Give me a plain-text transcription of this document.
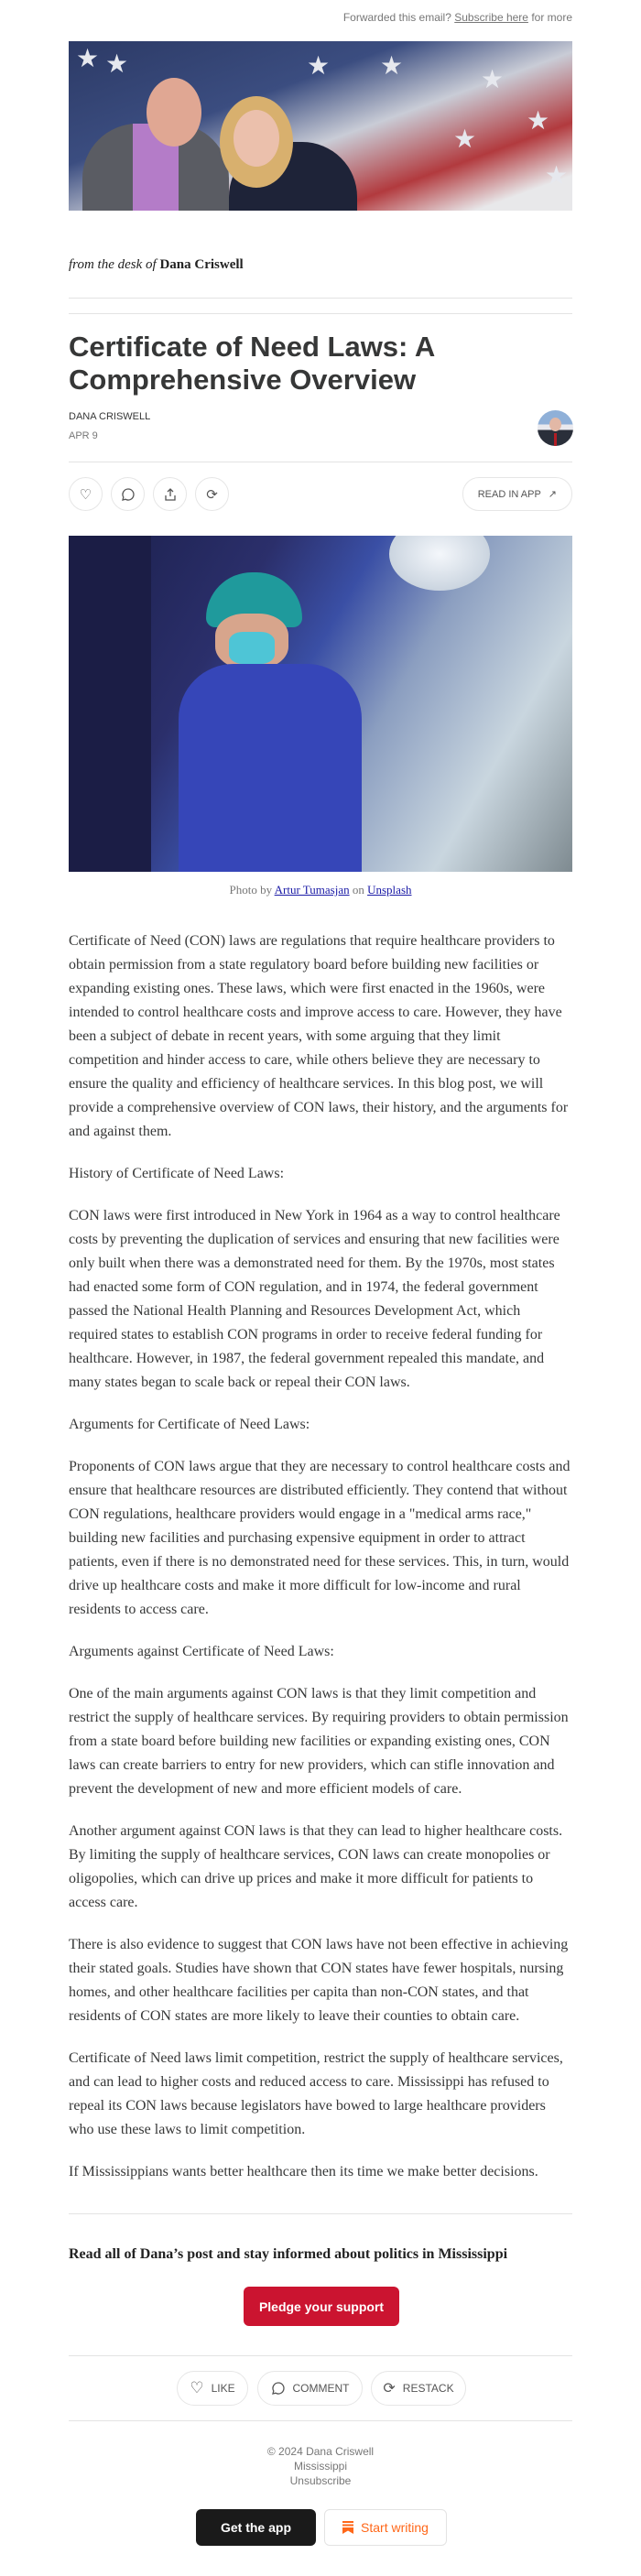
Forwarded this email? Subscribe here for more
★ ★	★ ★	★
★
★
★
from the desk of Dana Criswell
Certificate of Need Laws: A Comprehensive Overview
DANA CRISWELL
APR 9
♡	⟳	READ IN APP ↗
Photo by Artur Tumasjan on Unsplash

Certificate of Need (CON) laws are regulations that require healthcare providers to obtain permission from a state regulatory board before building new facilities or expanding existing ones. These laws, which were first enacted in the 1960s, were intended to control healthcare costs and improve access to care. However, they have been a subject of debate in recent years, with some arguing that they limit competition and hinder access to care, while others believe they are necessary to ensure the quality and efficiency of healthcare services. In this blog post, we will provide a comprehensive overview of CON laws, their history, and the arguments for and against them.

History of Certificate of Need Laws:

CON laws were first introduced in New York in 1964 as a way to control healthcare costs by preventing the duplication of services and ensuring that new facilities were only built when there was a demonstrated need for them. By the 1970s, most states had enacted some form of CON regulation, and in 1974, the federal government passed the National Health Planning and Resources Development Act, which required states to establish CON programs in order to receive federal funding for healthcare. However, in 1987, the federal government repealed this mandate, and many states began to scale back or repeal their CON laws.

Arguments for Certificate of Need Laws:

Proponents of CON laws argue that they are necessary to control healthcare costs and ensure that healthcare resources are distributed efficiently. They contend that without CON regulations, healthcare providers would engage in a "medical arms race," building new facilities and purchasing expensive equipment in order to attract patients, even if there is no demonstrated need for these services. This, in turn, would drive up healthcare costs and make it more difficult for low-income and rural residents to access care.

Arguments against Certificate of Need Laws:

One of the main arguments against CON laws is that they limit competition and restrict the supply of healthcare services. By requiring providers to obtain permission from a state board before building new facilities or expanding existing ones, CON laws can create barriers to entry for new providers, which can stifle innovation and prevent the development of new and more efficient models of care.

Another argument against CON laws is that they can lead to higher healthcare costs. By limiting the supply of healthcare services, CON laws can create monopolies or oligopolies, which can drive up prices and make it more difficult for patients to access care.

There is also evidence to suggest that CON laws have not been effective in achieving their stated goals. Studies have shown that CON states have fewer hospitals, nursing homes, and other healthcare facilities per capita than non-CON states, and that residents of CON states are more likely to leave their counties to obtain care.

Certificate of Need laws limit competition, restrict the supply of healthcare services, and can lead to higher costs and reduced access to care. Mississippi has refused to repeal its CON laws because legislators have bowed to large healthcare providers who use these laws to limit competition.

If Mississippians wants better healthcare then its time we make better decisions.

Read all of Dana’s post and stay informed about politics in Mississippi
Pledge your support
♡ LIKE	COMMENT ⟳ RESTACK
© 2024 Dana Criswell
Mississippi
Unsubscribe
Get the app	Start writing
